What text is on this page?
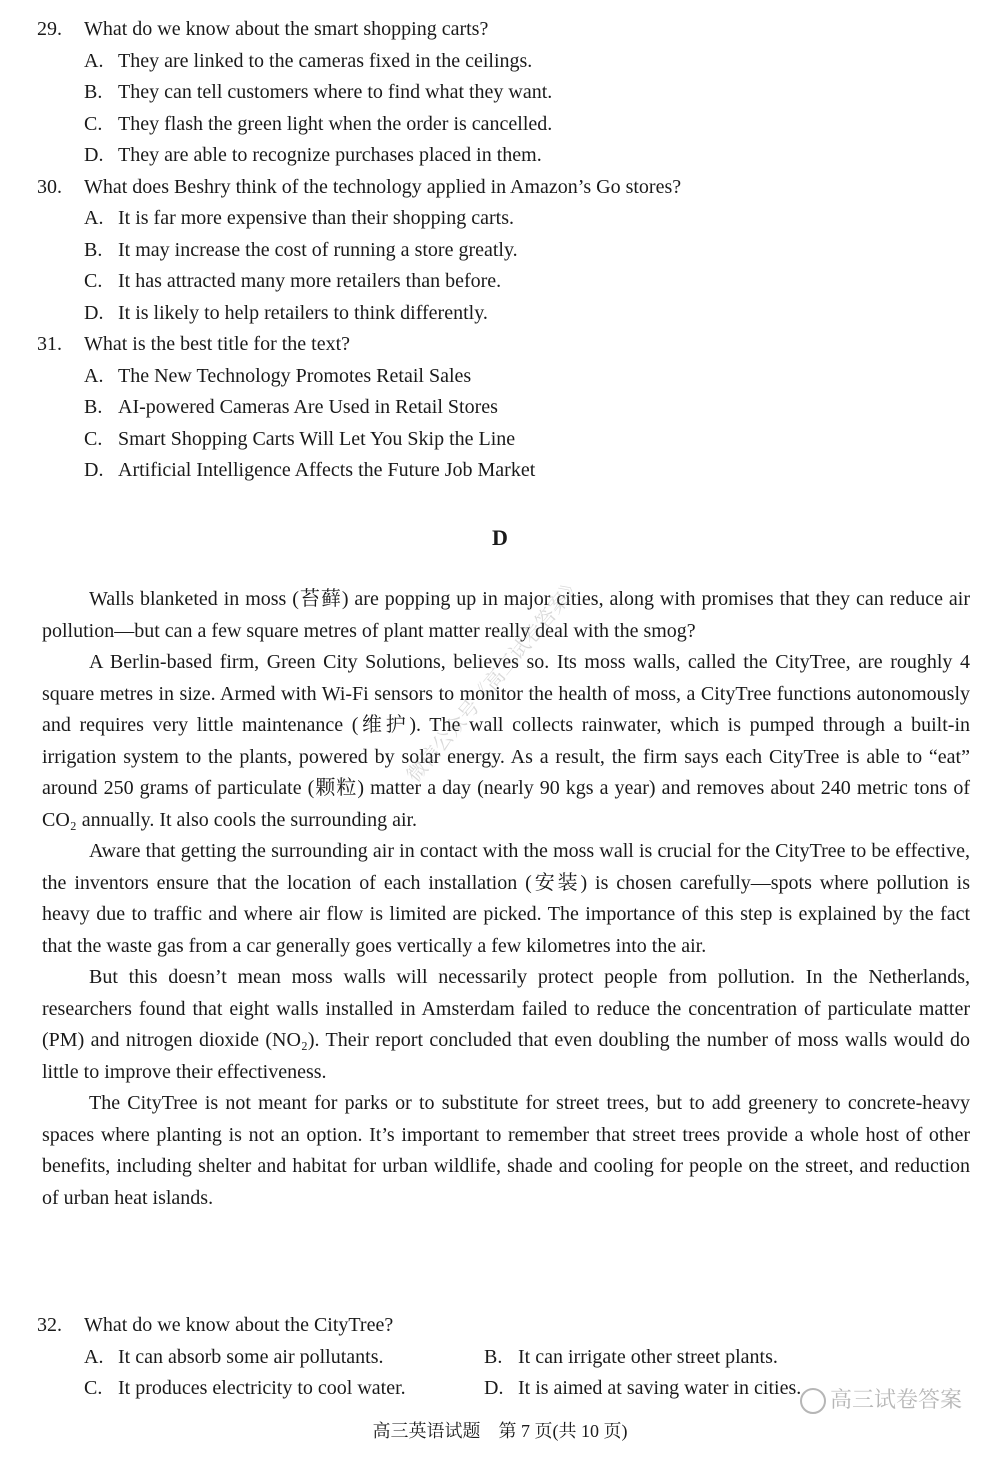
29. What do we know about the smart shopping carts?
A. They are linked to the cameras fixed in the ceilings.
B. They can tell customers where to find what they want.
C. They flash the green light when the order is cancelled.
D. They are able to recognize purchases placed in them.
30. What does Beshry think of the technology applied in Amazon’s Go stores?
A. It is far more expensive than their shopping carts.
B. It may increase the cost of running a store greatly.
C. It has attracted many more retailers than before.
D. It is likely to help retailers to think differently.
31. What is the best title for the text?
A. The New Technology Promotes Retail Sales
B. AI-powered Cameras Are Used in Retail Stores
C. Smart Shopping Carts Will Let You Skip the Line
D. Artificial Intelligence Affects the Future Job Market
D

Walls blanketed in moss (苔藓) are popping up in major cities, along with promises that they can reduce air pollution—but can a few square metres of plant matter really deal with the smog?

A Berlin-based firm, Green City Solutions, believes so. Its moss walls, called the CityTree, are roughly 4 square metres in size. Armed with Wi-Fi sensors to monitor the health of moss, a CityTree functions autonomously and requires very little maintenance (维护). The wall collects rainwater, which is pumped through a built-in irrigation system to the plants, powered by solar energy. As a result, the firm says each CityTree is able to “eat” around 250 grams of particulate (颗粒) matter a day (nearly 90 kgs a year) and removes about 240 metric tons of CO₂ annually. It also cools the surrounding air.

Aware that getting the surrounding air in contact with the moss wall is crucial for the CityTree to be effective, the inventors ensure that the location of each installation (安装) is chosen carefully—spots where pollution is heavy due to traffic and where air flow is limited are picked. The importance of this step is explained by the fact that the waste gas from a car generally goes vertically a few kilometres into the air.

But this doesn’t mean moss walls will necessarily protect people from pollution. In the Netherlands, researchers found that eight walls installed in Amsterdam failed to reduce the concentration of particulate matter (PM) and nitrogen dioxide (NO₂). Their report concluded that even doubling the number of moss walls would do little to improve their effectiveness.

The CityTree is not meant for parks or to substitute for street trees, but to add greenery to concrete-heavy spaces where planting is not an option. It’s important to remember that street trees provide a whole host of other benefits, including shelter and habitat for urban wildlife, shade and cooling for people on the street, and reduction of urban heat islands.

32. What do we know about the CityTree?
A. It can absorb some air pollutants.	B. It can irrigate other street plants.
C. It produces electricity to cool water.	D. It is aimed at saving water in cities.
高三英语试题　第 7 页(共 10 页)
微信公众号《高三试卷答案》
高三试卷答案
